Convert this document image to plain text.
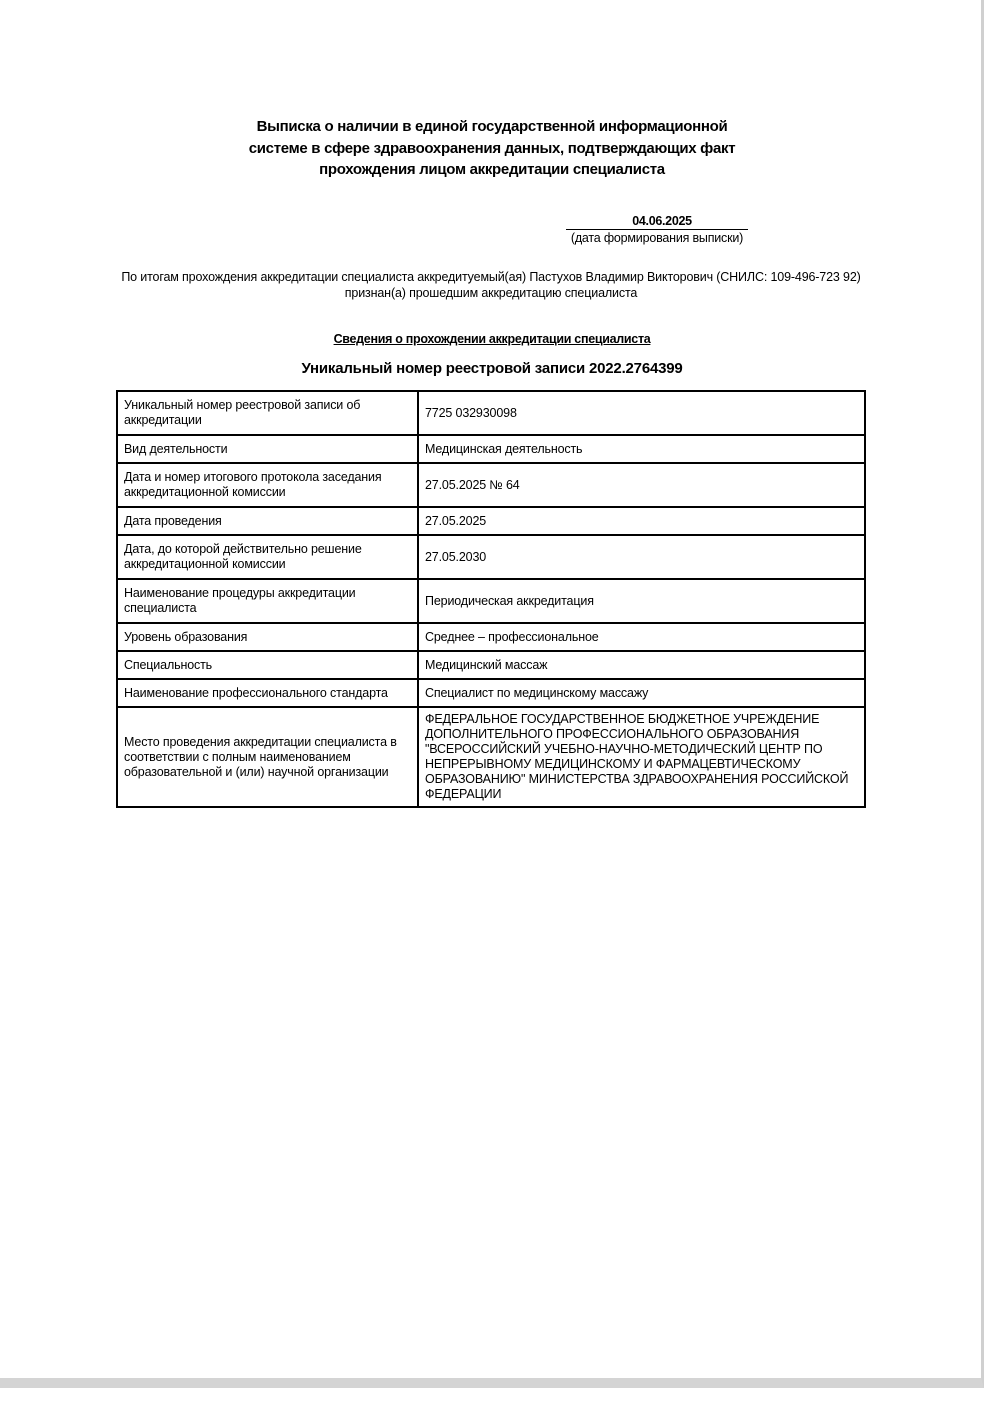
Выписка о наличии в единой государственной информационной
системе в сфере здравоохранения данных, подтверждающих факт
прохождения лицом аккредитации специалиста
04.06.2025
(дата формирования выписки)
По итогам прохождения аккредитации специалиста аккредитуемый(ая) Пастухов Владимир Викторович (СНИЛС: 109-496-723 92) признан(а) прошедшим аккредитацию специалиста
Сведения о прохождении аккредитации специалиста
Уникальный номер реестровой записи 2022.2764399
Уникальный номер реестровой записи об аккредитации	7725 032930098
Вид деятельности	Медицинская деятельность
Дата и номер итогового протокола заседания аккредитационной комиссии	27.05.2025 № 64
Дата проведения	27.05.2025
Дата, до которой действительно решение аккредитационной комиссии	27.05.2030
Наименование процедуры аккредитации специалиста	Периодическая аккредитация
Уровень образования	Среднее – профессиональное
Специальность	Медицинский массаж
Наименование профессионального стандарта	Специалист по медицинскому массажу
Место проведения аккредитации специалиста в соответствии с полным наименованием образовательной и (или) научной организации	ФЕДЕРАЛЬНОЕ ГОСУДАРСТВЕННОЕ БЮДЖЕТНОЕ УЧРЕЖДЕНИЕ ДОПОЛНИТЕЛЬНОГО ПРОФЕССИОНАЛЬНОГО ОБРАЗОВАНИЯ "ВСЕРОССИЙСКИЙ УЧЕБНО-НАУЧНО-МЕТОДИЧЕСКИЙ ЦЕНТР ПО НЕПРЕРЫВНОМУ МЕДИЦИНСКОМУ И ФАРМАЦЕВТИЧЕСКОМУ ОБРАЗОВАНИЮ" МИНИСТЕРСТВА ЗДРАВООХРАНЕНИЯ РОССИЙСКОЙ ФЕДЕРАЦИИ
